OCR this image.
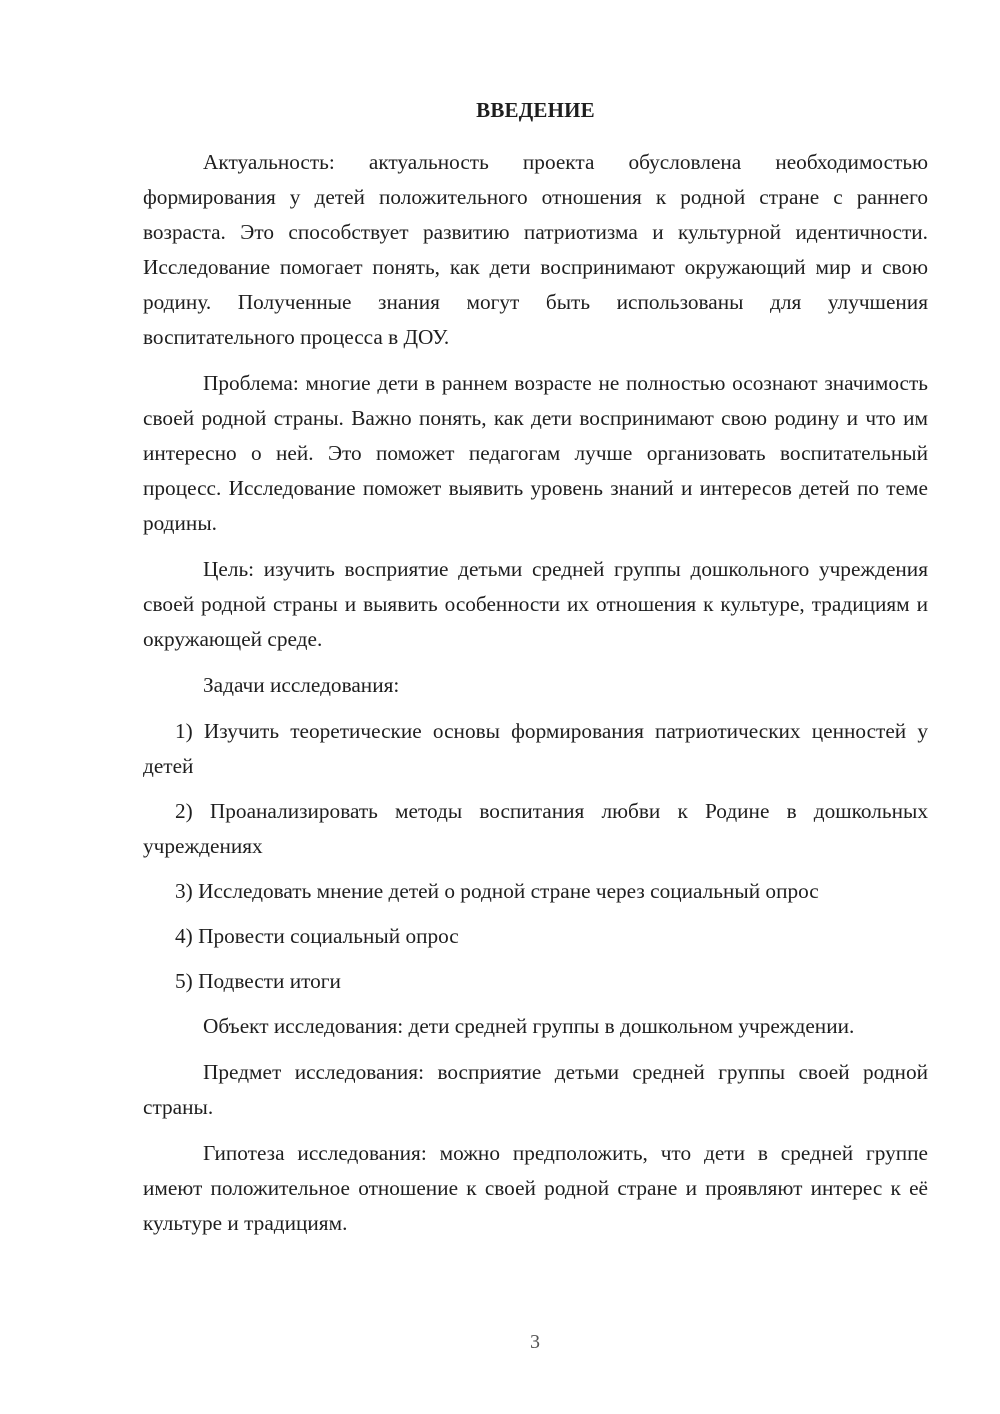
ВВЕДЕНИЕ

Актуальность: актуальность проекта обусловлена необходимостью формирования у детей положительного отношения к родной стране с раннего возраста. Это способствует развитию патриотизма и культурной идентичности. Исследование помогает понять, как дети воспринимают окружающий мир и свою родину. Полученные знания могут быть использованы для улучшения воспитательного процесса в ДОУ.

Проблема: многие дети в раннем возрасте не полностью осознают значимость своей родной страны. Важно понять, как дети воспринимают свою родину и что им интересно о ней. Это поможет педагогам лучше организовать воспитательный процесс. Исследование поможет выявить уровень знаний и интересов детей по теме родины.

Цель: изучить восприятие детьми средней группы дошкольного учреждения своей родной страны и выявить особенности их отношения к культуре, традициям и окружающей среде.

Задачи исследования:

1) Изучить теоретические основы формирования патриотических ценностей у детей

2) Проанализировать методы воспитания любви к Родине в дошкольных учреждениях

3) Исследовать мнение детей о родной стране через социальный опрос

4) Провести социальный опрос

5) Подвести итоги

Объект исследования: дети средней группы в дошкольном учреждении.

Предмет исследования: восприятие детьми средней группы своей родной страны.

Гипотеза исследования: можно предположить, что дети в средней группе имеют положительное отношение к своей родной стране и проявляют интерес к её культуре и традициям.

3
